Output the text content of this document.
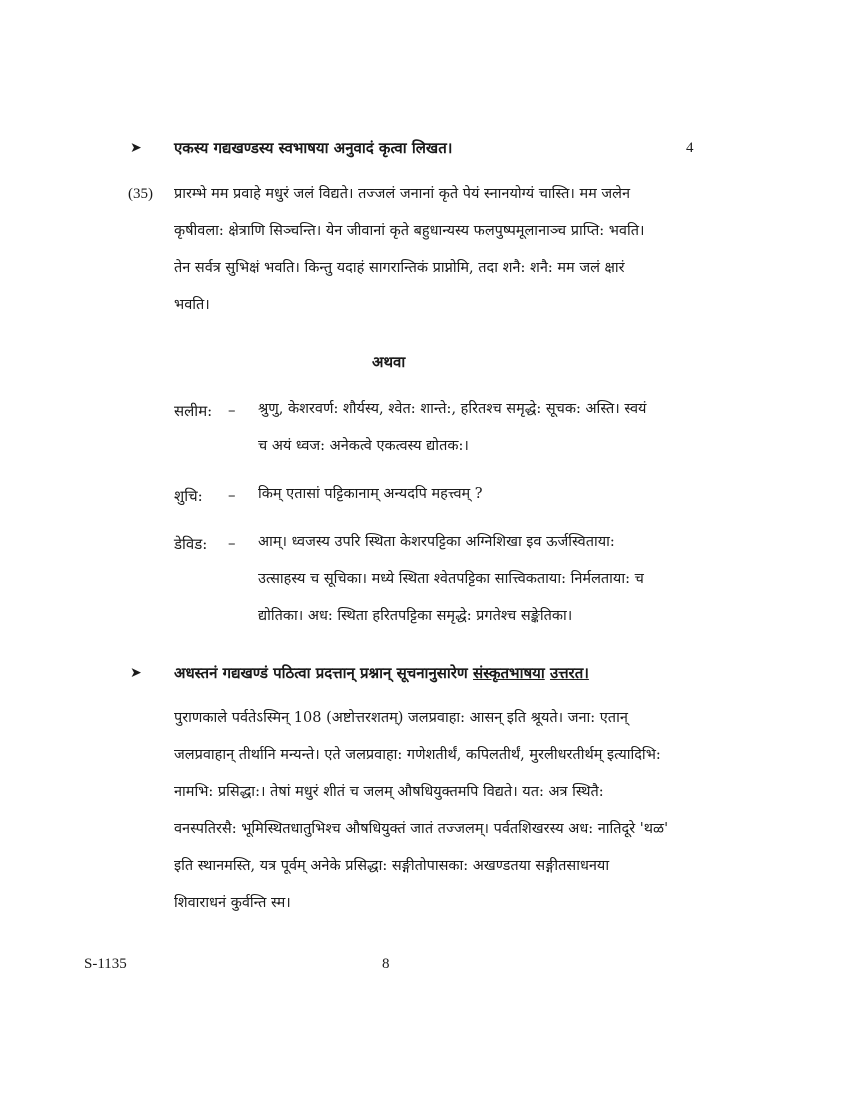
➤ एकस्य गद्यखण्डस्य स्वभाषया अनुवादं कृत्वा लिखत।	4
(35) प्रारम्भे मम प्रवाहे मधुरं जलं विद्यते। तज्जलं जनानां कृते पेयं स्नानयोग्यं चास्ति। मम जलेन
कृषीवला: क्षेत्राणि सिञ्चन्ति। येन जीवानां कृते बहुधान्यस्य फलपुष्पमूलानाञ्च प्राप्ति: भवति।
तेन सर्वत्र सुभिक्षं भवति। किन्तु यदाहं सागरान्तिकं प्राप्नोमि, तदा शनै: शनै: मम जलं क्षारं
भवति।
अथवा
सलीम: – श्रुणु, केशरवर्ण: शौर्यस्य, श्वेत: शान्ते:, हरितश्च समृद्धे: सूचक: अस्ति। स्वयं
च अयं ध्वज: अनेकत्वे एकत्वस्य द्योतक:।
शुचि: – किम् एतासां पट्टिकानाम् अन्यदपि महत्त्वम् ?
डेविड: – आम्। ध्वजस्य उपरि स्थिता केशरपट्टिका अग्निशिखा इव ऊर्जस्विताया:
उत्साहस्य च सूचिका। मध्ये स्थिता श्वेतपट्टिका सात्त्विकताया: निर्मलताया: च
द्योतिका। अध: स्थिता हरितपट्टिका समृद्धे: प्रगतेश्च सङ्केतिका।
➤ अधस्तनं गद्यखण्डं पठित्वा प्रदत्तान् प्रश्नान् सूचनानुसारेण संस्कृतभाषया उत्तरत।
पुराणकाले पर्वतेऽस्मिन् 108 (अष्टोत्तरशतम्) जलप्रवाहा: आसन् इति श्रूयते। जना: एतान्
जलप्रवाहान् तीर्थानि मन्यन्ते। एते जलप्रवाहा: गणेशतीर्थं, कपिलतीर्थं, मुरलीधरतीर्थम् इत्यादिभि:
नामभि: प्रसिद्धा:। तेषां मधुरं शीतं च जलम् औषधियुक्तमपि विद्यते। यत: अत्र स्थितै:
वनस्पतिरसै: भूमिस्थितधातुभिश्च औषधियुक्तं जातं तज्जलम्। पर्वतशिखरस्य अध: नातिदूरे 'थळ'
इति स्थानमस्ति, यत्र पूर्वम् अनेके प्रसिद्धा: सङ्गीतोपासका: अखण्डतया सङ्गीतसाधनया
शिवाराधनं कुर्वन्ति स्म।
S-1135	8
